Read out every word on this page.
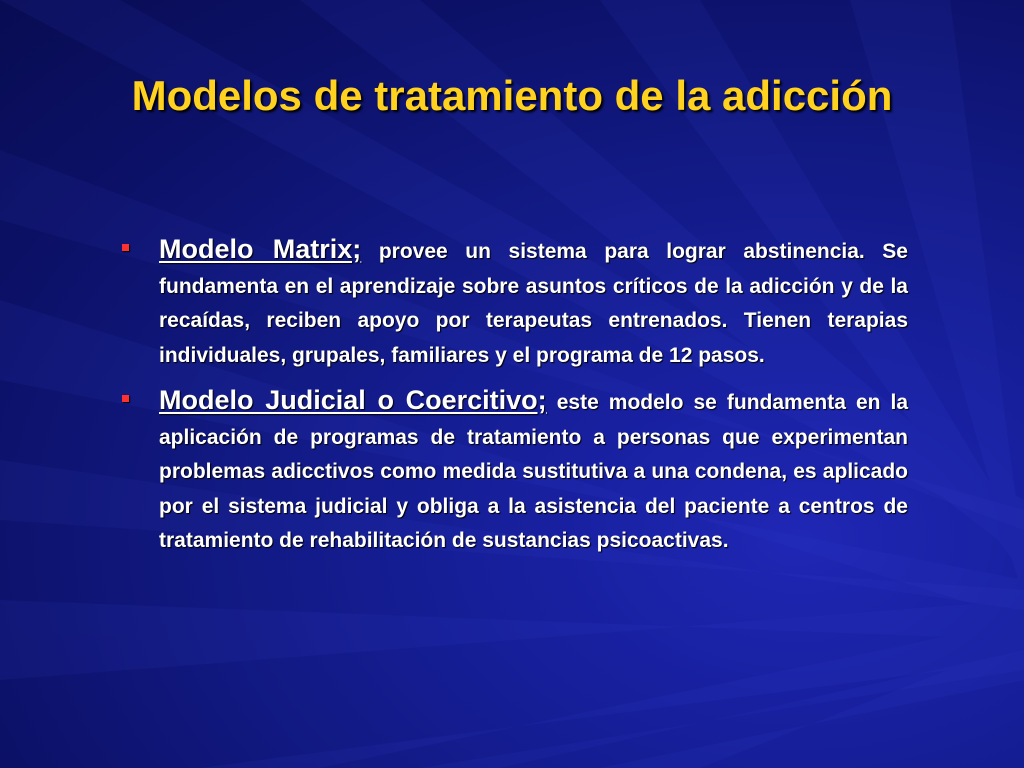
Modelos de tratamiento de la adicción
Modelo Matrix; provee un sistema para lograr abstinencia. Se fundamenta en el aprendizaje sobre asuntos críticos de la adicción y de la recaídas, reciben apoyo por terapeutas entrenados. Tienen terapias individuales, grupales, familiares y el programa de 12 pasos.
Modelo Judicial o Coercitivo; este modelo se fundamenta en la aplicación de programas de tratamiento a personas que experimentan problemas adicctivos como medida sustitutiva a una condena, es aplicado por el sistema judicial y obliga a la asistencia del paciente a centros de tratamiento de rehabilitación de sustancias psicoactivas.
